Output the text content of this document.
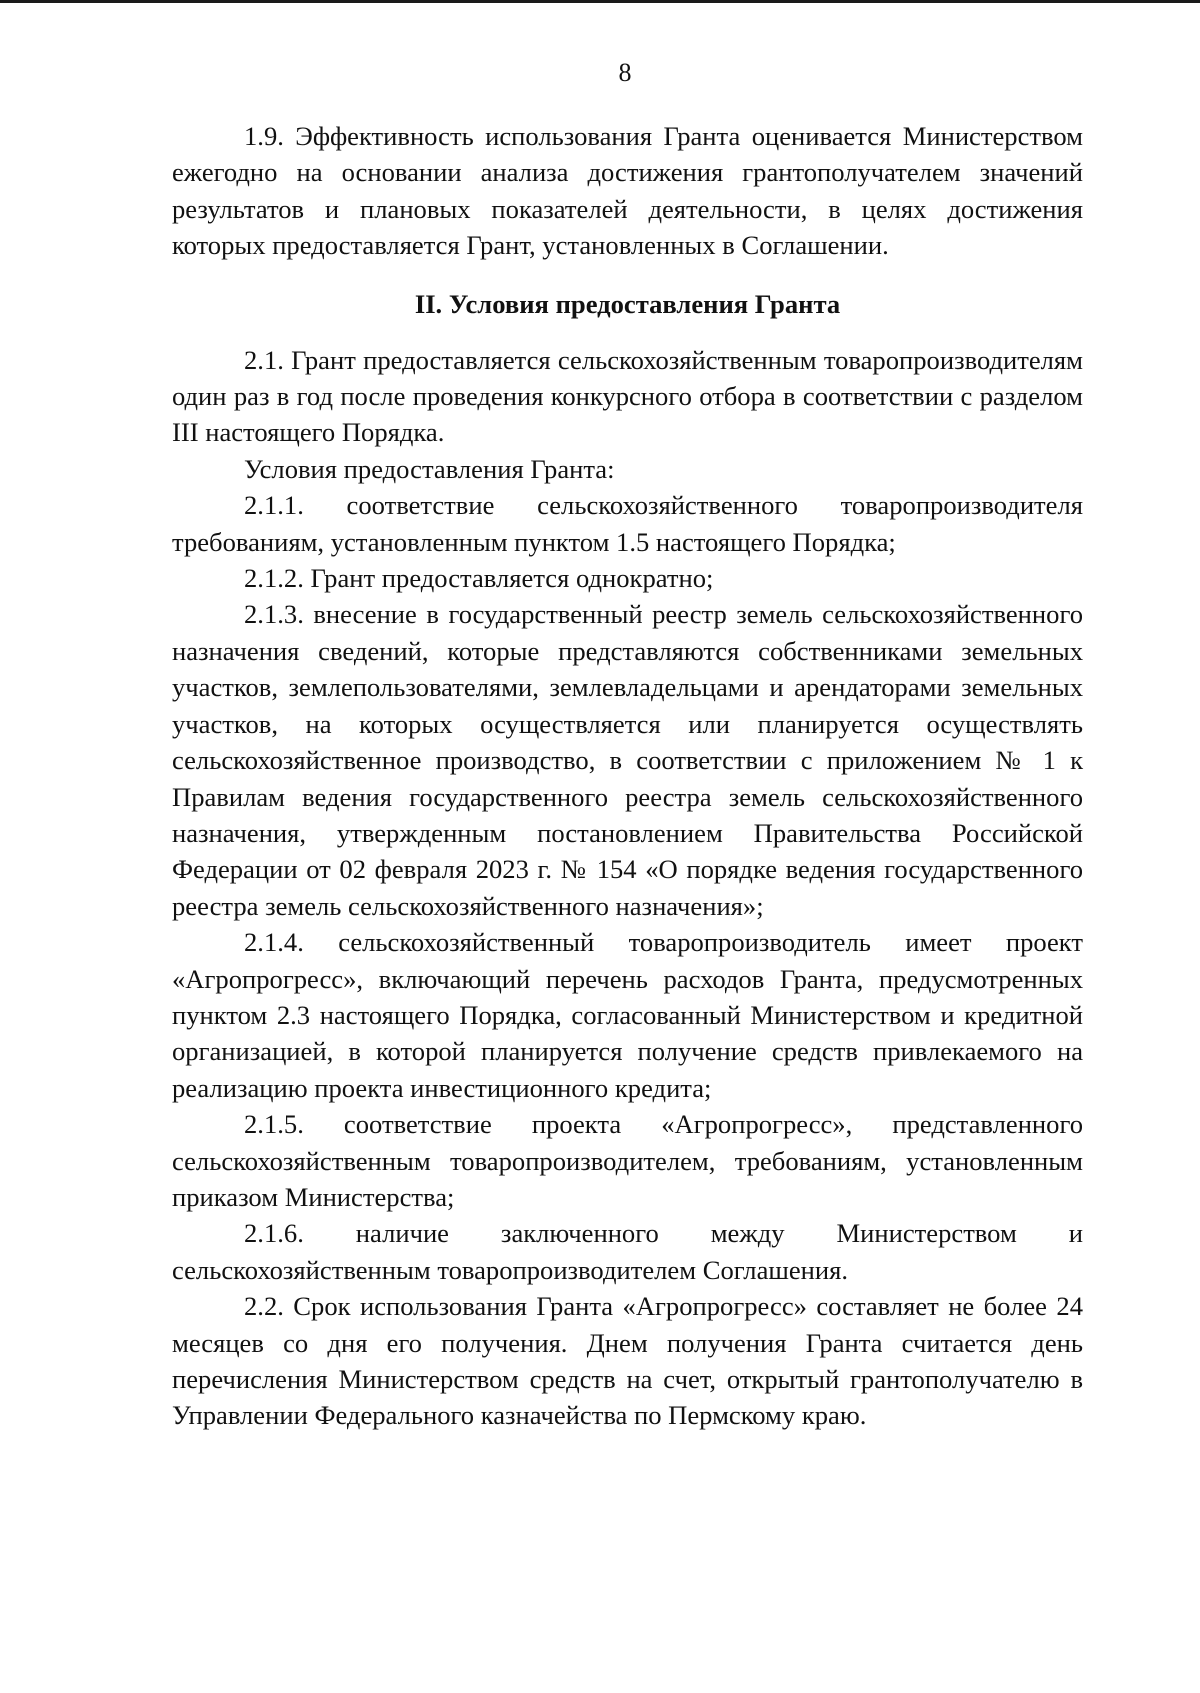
8

1.9. Эффективность использования Гранта оценивается Министерством ежегодно на основании анализа достижения грантополучателем значений результатов и плановых показателей деятельности, в целях достижения которых предоставляется Грант, установленных в Соглашении.

II. Условия предоставления Гранта

2.1. Грант предоставляется сельскохозяйственным товаропроизводителям один раз в год после проведения конкурсного отбора в соответствии с разделом III настоящего Порядка.

Условия предоставления Гранта:

2.1.1. соответствие сельскохозяйственного товаропроизводителя требованиям, установленным пунктом 1.5 настоящего Порядка;

2.1.2. Грант предоставляется однократно;

2.1.3. внесение в государственный реестр земель сельскохозяйственного назначения сведений, которые представляются собственниками земельных участков, землепользователями, землевладельцами и арендаторами земельных участков, на которых осуществляется или планируется осуществлять сельскохозяйственное производство, в соответствии с приложением № 1 к Правилам ведения государственного реестра земель сельскохозяйственного назначения, утвержденным постановлением Правительства Российской Федерации от 02 февраля 2023 г. № 154 «О порядке ведения государственного реестра земель сельскохозяйственного назначения»;

2.1.4. сельскохозяйственный товаропроизводитель имеет проект «Агропрогресс», включающий перечень расходов Гранта, предусмотренных пунктом 2.3 настоящего Порядка, согласованный Министерством и кредитной организацией, в которой планируется получение средств привлекаемого на реализацию проекта инвестиционного кредита;

2.1.5. соответствие проекта «Агропрогресс», представленного сельскохозяйственным товаропроизводителем, требованиям, установленным приказом Министерства;

2.1.6. наличие заключенного между Министерством и сельскохозяйственным товаропроизводителем Соглашения.

2.2. Срок использования Гранта «Агропрогресс» составляет не более 24 месяцев со дня его получения. Днем получения Гранта считается день перечисления Министерством средств на счет, открытый грантополучателю в Управлении Федерального казначейства по Пермскому краю.
